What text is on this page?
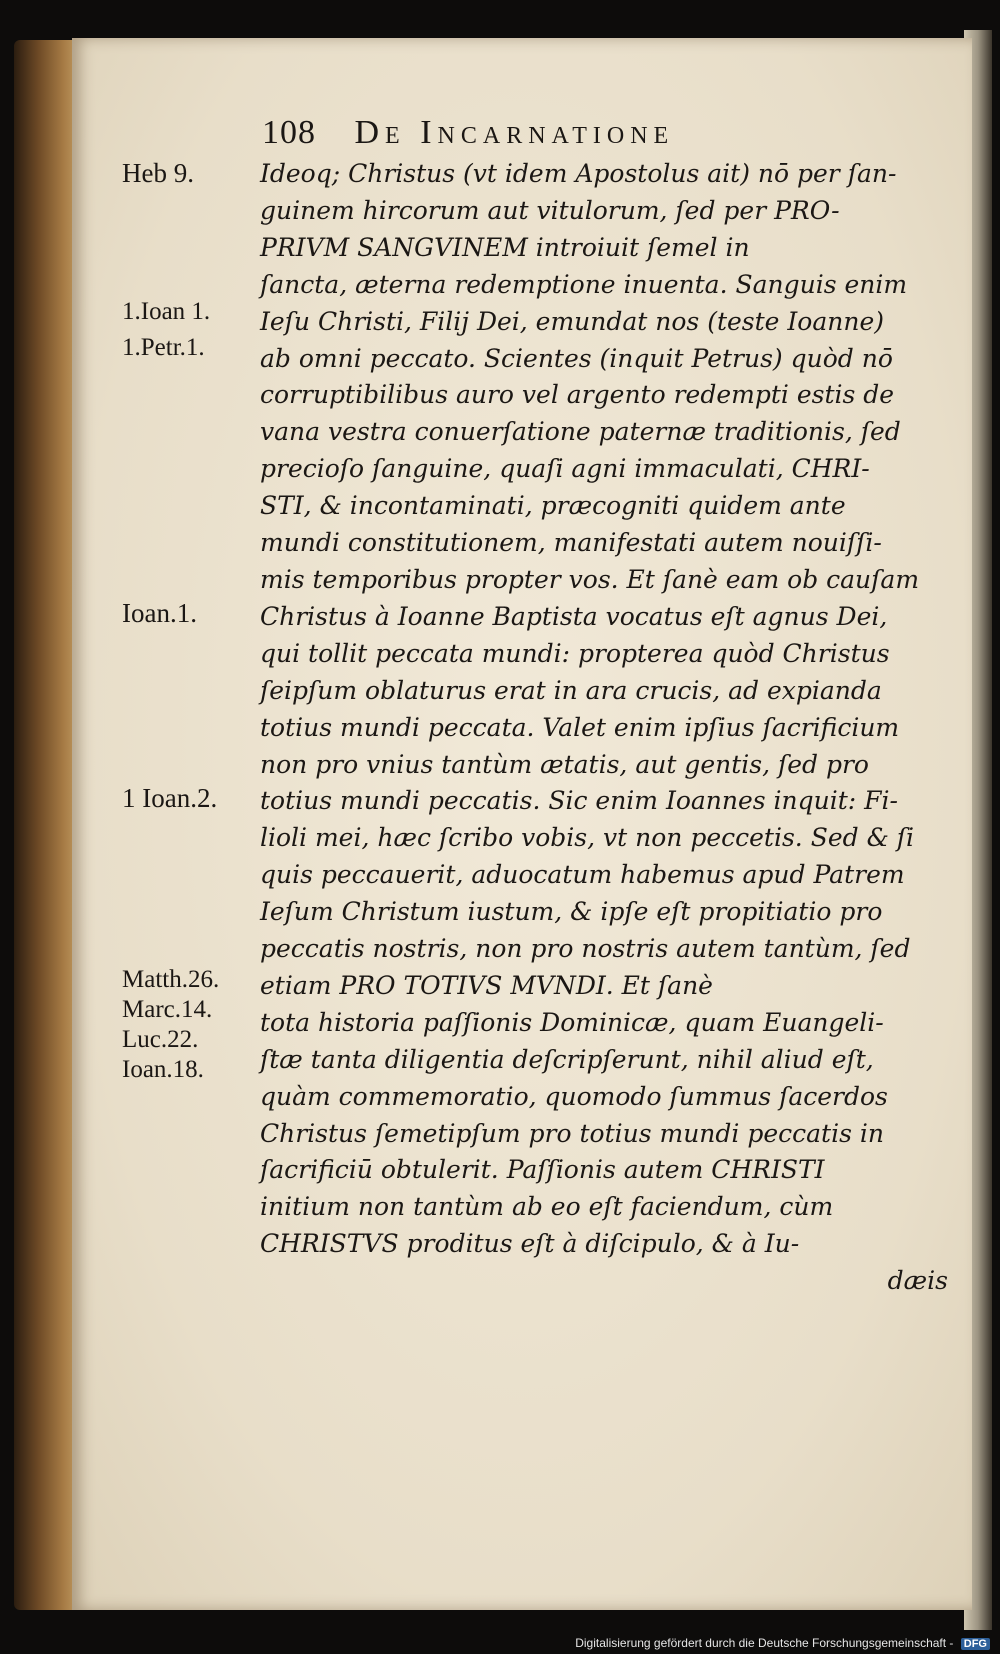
108 De Incarnatione
Heb 9.
1.Ioan 1.
1.Petr.1.
Ioan.1.
1 Ioan.2.
Matth.26.
Marc.14.
Luc.22.
Ioan.18.
Ideoq; Christus (vt idem Apostolus ait) nō per ſan-
guinem hircorum aut vitulorum, ſed per PRO-
PRIVM SANGVINEM introiuit ſemel in
ſancta, æterna redemptione inuenta. Sanguis enim
Ieſu Christi, Filij Dei, emundat nos (teste Ioanne)
ab omni peccato. Scientes (inquit Petrus) quòd nō
corruptibilibus auro vel argento redempti estis de
vana vestra conuerſatione paternæ traditionis, ſed
precioſo ſanguine, quaſi agni immaculati, CHRI-
STI, & incontaminati, præcogniti quidem ante
mundi constitutionem, manifestati autem nouiſſi-
mis temporibus propter vos. Et ſanè eam ob cauſam
Christus à Ioanne Baptista vocatus eſt agnus Dei,
qui tollit peccata mundi: propterea quòd Christus
ſeipſum oblaturus erat in ara crucis, ad expianda
totius mundi peccata. Valet enim ipſius ſacrificium
non pro vnius tantùm ætatis, aut gentis, ſed pro
totius mundi peccatis. Sic enim Ioannes inquit: Fi-
lioli mei, hæc ſcribo vobis, vt non peccetis. Sed & ſi
quis peccauerit, aduocatum habemus apud Patrem
Ieſum Christum iustum, & ipſe eſt propitiatio pro
peccatis nostris, non pro nostris autem tantùm, ſed
etiam PRO TOTIVS MVNDI. Et ſanè
tota historia paſſionis Dominicæ, quam Euangeli-
ſtæ tanta diligentia deſcripſerunt, nihil aliud eſt,
quàm commemoratio, quomodo ſummus ſacerdos
Christus ſemetipſum pro totius mundi peccatis in
ſacrificiū obtulerit. Paſſionis autem CHRISTI
initium non tantùm ab eo eſt faciendum, cùm
CHRISTVS proditus eſt à diſcipulo, & à Iu-
dæis
Digitalisierung gefördert durch die Deutsche Forschungsgemeinschaft - DFG
